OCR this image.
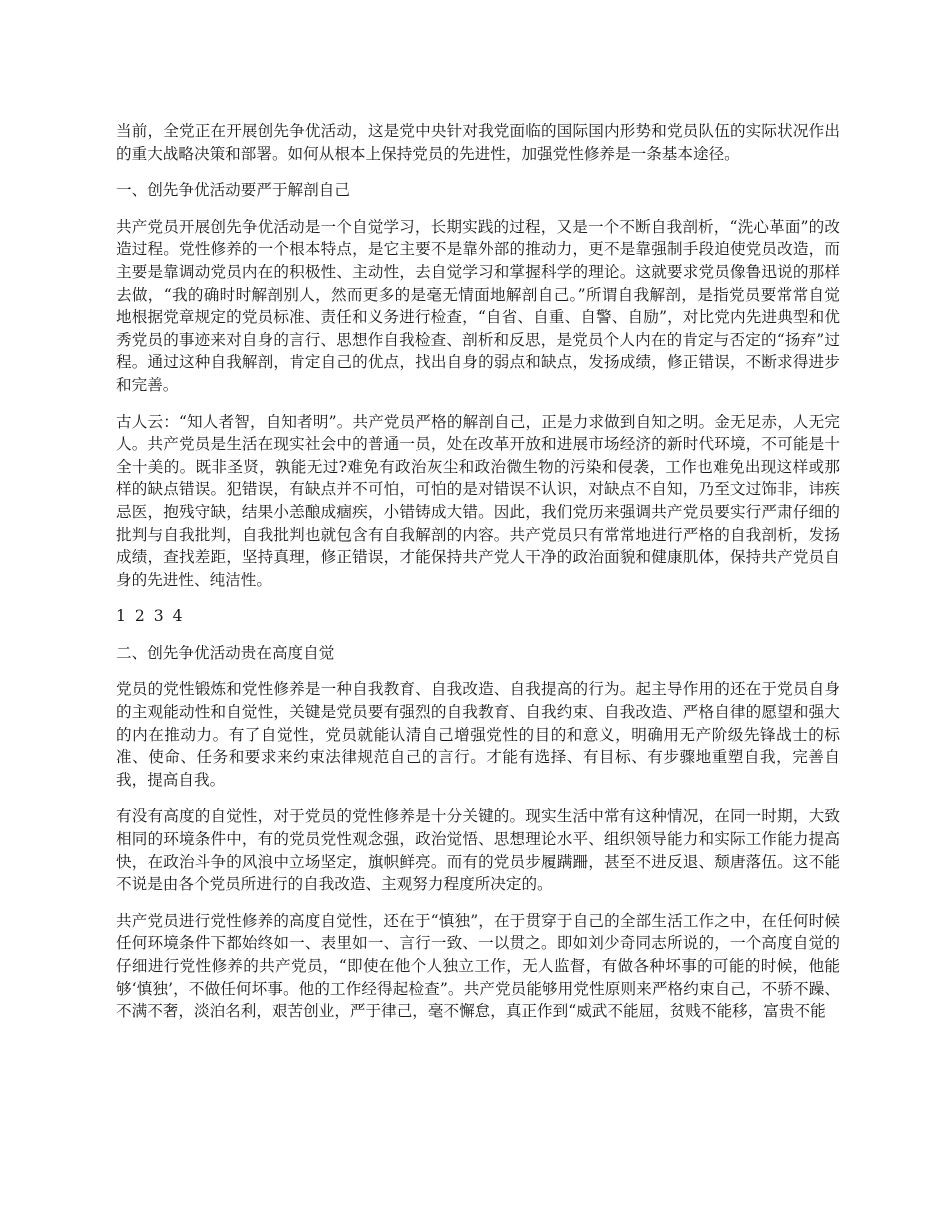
当前，全党正在开展创先争优活动，这是党中央针对我党面临的国际国内形势和党员队伍的实际状况作出的重大战略决策和部署。如何从根本上保持党员的先进性，加强党性修养是一条基本途径。

一、创先争优活动要严于解剖自己

共产党员开展创先争优活动是一个自觉学习，长期实践的过程，又是一个不断自我剖析，“洗心革面”的改造过程。党性修养的一个根本特点，是它主要不是靠外部的推动力，更不是靠强制手段迫使党员改造，而主要是靠调动党员内在的积极性、主动性，去自觉学习和掌握科学的理论。这就要求党员像鲁迅说的那样去做，“我的确时时解剖别人，然而更多的是毫无情面地解剖自己。”所谓自我解剖，是指党员要常常自觉地根据党章规定的党员标准、责任和义务进行检查，“自省、自重、自警、自励”，对比党内先进典型和优秀党员的事迹来对自身的言行、思想作自我检查、剖析和反思，是党员个人内在的肯定与否定的“扬弃”过程。通过这种自我解剖，肯定自己的优点，找出自身的弱点和缺点，发扬成绩，修正错误，不断求得进步和完善。

古人云：“知人者智，自知者明”。共产党员严格的解剖自己，正是力求做到自知之明。金无足赤，人无完人。共产党员是生活在现实社会中的普通一员，处在改革开放和进展市场经济的新时代环境，不可能是十全十美的。既非圣贤，孰能无过?难免有政治灰尘和政治微生物的污染和侵袭，工作也难免出现这样或那样的缺点错误。犯错误，有缺点并不可怕，可怕的是对错误不认识，对缺点不自知，乃至文过饰非，讳疾忌医，抱残守缺，结果小恙酿成痼疾，小错铸成大错。因此，我们党历来强调共产党员要实行严肃仔细的批判与自我批判，自我批判也就包含有自我解剖的内容。共产党员只有常常地进行严格的自我剖析，发扬成绩，查找差距，坚持真理，修正错误，才能保持共产党人干净的政治面貌和健康肌体，保持共产党员自身的先进性、纯洁性。

1 2 3 4
二、创先争优活动贵在高度自觉

党员的党性锻炼和党性修养是一种自我教育、自我改造、自我提高的行为。起主导作用的还在于党员自身的主观能动性和自觉性，关键是党员要有强烈的自我教育、自我约束、自我改造、严格自律的愿望和强大的内在推动力。有了自觉性，党员就能认清自己增强党性的目的和意义，明确用无产阶级先锋战士的标准、使命、任务和要求来约束法律规范自己的言行。才能有选择、有目标、有步骤地重塑自我，完善自我，提高自我。

有没有高度的自觉性，对于党员的党性修养是十分关键的。现实生活中常有这种情况，在同一时期，大致相同的环境条件中，有的党员党性观念强，政治觉悟、思想理论水平、组织领导能力和实际工作能力提高快，在政治斗争的风浪中立场坚定，旗帜鲜亮。而有的党员步履蹒跚，甚至不进反退、颓唐落伍。这不能不说是由各个党员所进行的自我改造、主观努力程度所决定的。

共产党员进行党性修养的高度自觉性，还在于“慎独”，在于贯穿于自己的全部生活工作之中，在任何时候任何环境条件下都始终如一、表里如一、言行一致、一以贯之。即如刘少奇同志所说的，一个高度自觉的仔细进行党性修养的共产党员，“即使在他个人独立工作，无人监督，有做各种坏事的可能的时候，他能够‘慎独’，不做任何坏事。他的工作经得起检查”。共产党员能够用党性原则来严格约束自己，不骄不躁、不满不奢，淡泊名利，艰苦创业，严于律己，毫不懈怠，真正作到“威武不能屈，贫贱不能移，富贵不能
